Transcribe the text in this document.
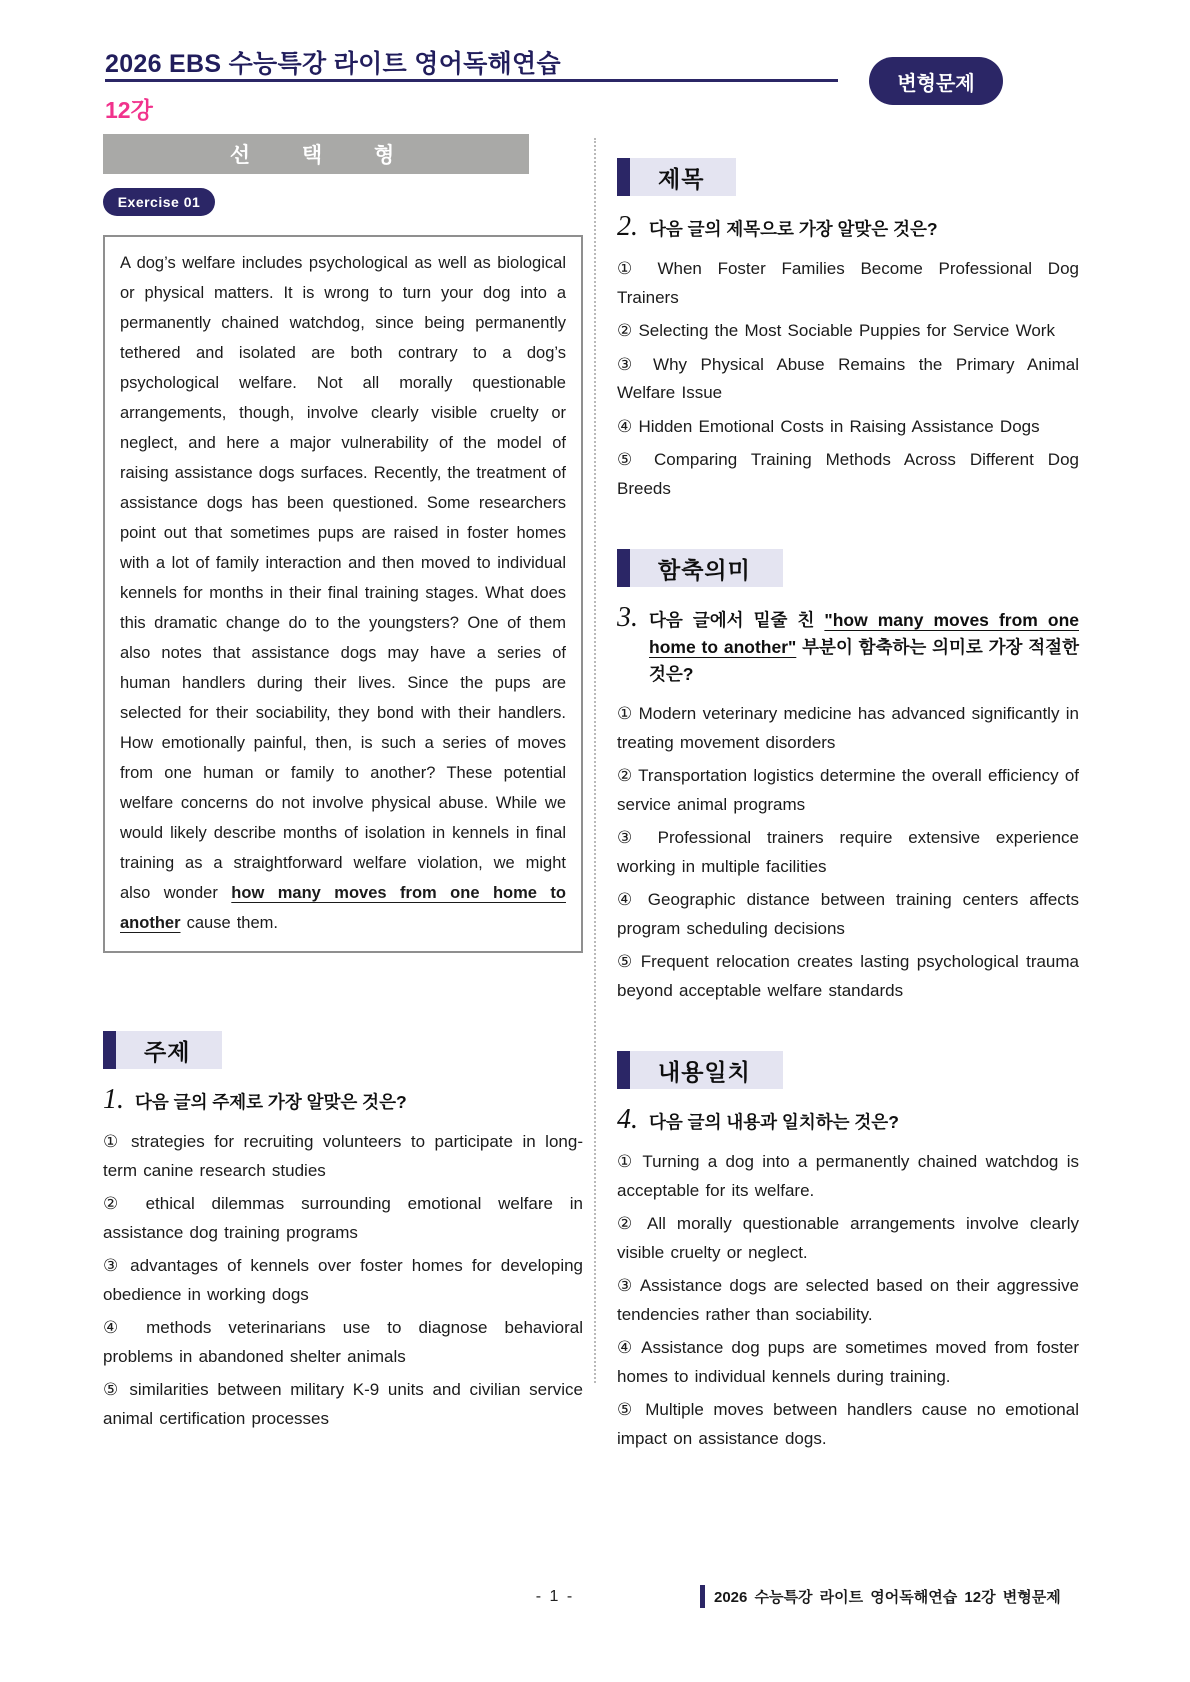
2026 EBS 수능특강 라이트 영어독해연습
12강
변형문제
선 택 형
Exercise 01

A dog’s welfare includes psychological as well as biological or physical matters. It is wrong to turn your dog into a permanently chained watchdog, since being permanently tethered and isolated are both contrary to a dog’s psychological welfare. Not all morally questionable arrangements, though, involve clearly visible cruelty or neglect, and here a major vulnerability of the model of raising assistance dogs surfaces. Recently, the treatment of assistance dogs has been questioned. Some researchers point out that sometimes pups are raised in foster homes with a lot of family interaction and then moved to individual kennels for months in their final training stages. What does this dramatic change do to the youngsters? One of them also notes that assistance dogs may have a series of human handlers during their lives. Since the pups are selected for their sociability, they bond with their handlers. How emotionally painful, then, is such a series of moves from one human or family to another? These potential welfare concerns do not involve physical abuse. While we would likely describe months of isolation in kennels in final training as a straightforward welfare violation, we might also wonder how many moves from one home to another cause them.

주제
1. 다음 글의 주제로 가장 알맞은 것은?

① strategies for recruiting volunteers to participate in long-term canine research studies

② ethical dilemmas surrounding emotional welfare in assistance dog training programs

③ advantages of kennels over foster homes for developing obedience in working dogs

④ methods veterinarians use to diagnose behavioral problems in abandoned shelter animals

⑤ similarities between military K-9 units and civilian service animal certification processes

제목
2. 다음 글의 제목으로 가장 알맞은 것은?

① When Foster Families Become Professional Dog Trainers

② Selecting the Most Sociable Puppies for Service Work

③ Why Physical Abuse Remains the Primary Animal Welfare Issue

④ Hidden Emotional Costs in Raising Assistance Dogs

⑤ Comparing Training Methods Across Different Dog Breeds

함축의미
3. 다음 글에서 밑줄 친 "how many moves from one home to another" 부분이 함축하는 의미로 가장 적절한 것은?

① Modern veterinary medicine has advanced significantly in treating movement disorders

② Transportation logistics determine the overall efficiency of service animal programs

③ Professional trainers require extensive experience working in multiple facilities

④ Geographic distance between training centers affects program scheduling decisions

⑤ Frequent relocation creates lasting psychological trauma beyond acceptable welfare standards

내용일치
4. 다음 글의 내용과 일치하는 것은?

① Turning a dog into a permanently chained watchdog is acceptable for its welfare.

② All morally questionable arrangements involve clearly visible cruelty or neglect.

③ Assistance dogs are selected based on their aggressive tendencies rather than sociability.

④ Assistance dog pups are sometimes moved from foster homes to individual kennels during training.

⑤ Multiple moves between handlers cause no emotional impact on assistance dogs.

- 1 -	2026 수능특강 라이트 영어독해연습 12강 변형문제
